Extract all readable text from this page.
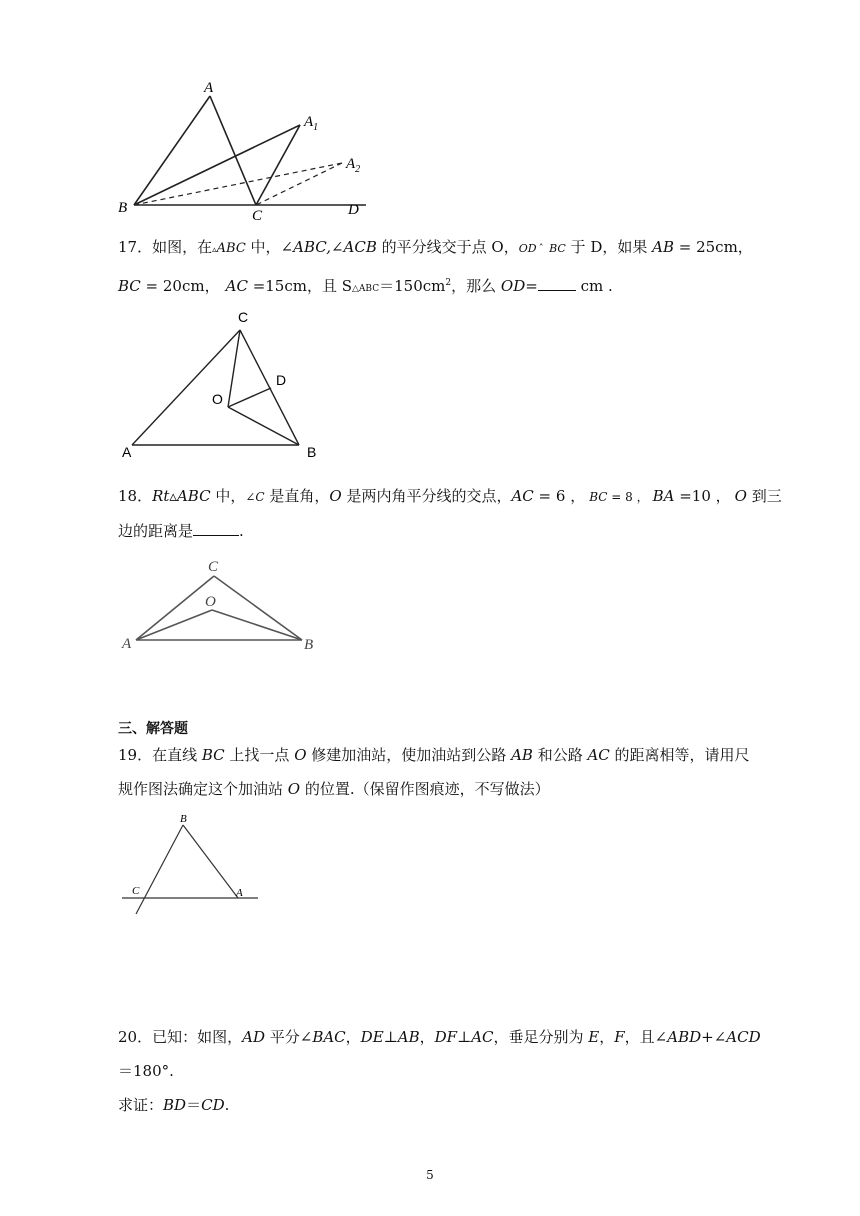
A
$A_1$
$A_2$
B	C	D
17．如图，在▵ABC 中，∠ABC,∠ACB 的平分线交于点 O，OD ˆ BC 于 D，如果 AB = 25cm，
BC = 20cm， AC =15cm，且 $S\triangle ABC=150cm^2$，那么 OD=	cm .
C
D
O
A	B
18．Rt▵ABC 中，∠C 是直角，O 是两内角平分线的交点，AC = 6 ， BC = 8 ， BA =10 ， O 到三
边的距离是	.
C
O
A	B
三、解答题
19．在直线 BC 上找一点 O 修建加油站，使加油站到公路 AB 和公路 AC 的距离相等，请用尺
规作图法确定这个加油站 O 的位置.（保留作图痕迹，不写做法）
B
C	A
20．已知：如图，AD 平分∠BAC，DE⊥AB，DF⊥AC，垂足分别为 E，F，且∠ABD+∠ACD
＝180°.
求证：BD＝CD.
5
